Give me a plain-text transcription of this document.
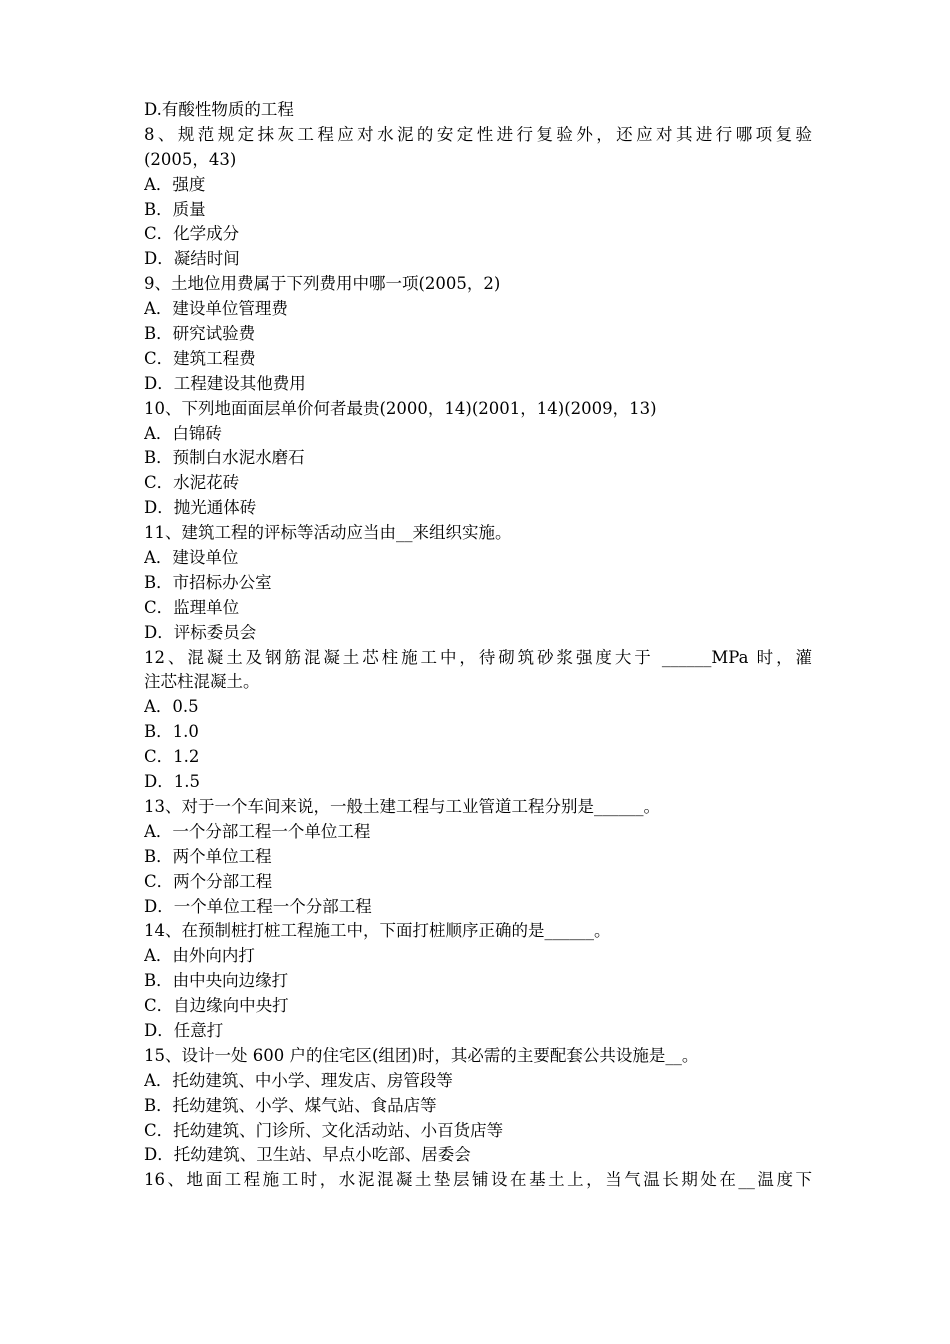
D.有酸性物质的工程
8、规范规定抹灰工程应对水泥的安定性进行复验外，还应对其进行哪项复验
(2005，43)
A．强度
B．质量
C．化学成分
D．凝结时间
9、土地位用费属于下列费用中哪一项(2005，2)
A．建设单位管理费
B．研究试验费
C．建筑工程费
D．工程建设其他费用
10、下列地面面层单价何者最贵(2000，14)(2001，14)(2009，13)
A．白锦砖
B．预制白水泥水磨石
C．水泥花砖
D．抛光通体砖
11、建筑工程的评标等活动应当由__来组织实施。
A．建设单位
B．市招标办公室
C．监理单位
D．评标委员会
12、混凝土及钢筋混凝土芯柱施工中，待砌筑砂浆强度大于 ______MPa 时，灌
注芯柱混凝土。
A．0.5
B．1.0
C．1.2
D．1.5
13、对于一个车间来说，一般土建工程与工业管道工程分别是______。
A．一个分部工程一个单位工程
B．两个单位工程
C．两个分部工程
D．一个单位工程一个分部工程
14、在预制桩打桩工程施工中，下面打桩顺序正确的是______。
A．由外向内打
B．由中央向边缘打
C．自边缘向中央打
D．任意打
15、设计一处 600 户的住宅区(组团)时，其必需的主要配套公共设施是__。
A．托幼建筑、中小学、理发店、房管段等
B．托幼建筑、小学、煤气站、食品店等
C．托幼建筑、门诊所、文化活动站、小百货店等
D．托幼建筑、卫生站、早点小吃部、居委会
16、地面工程施工时，水泥混凝土垫层铺设在基土上，当气温长期处在__温度下
